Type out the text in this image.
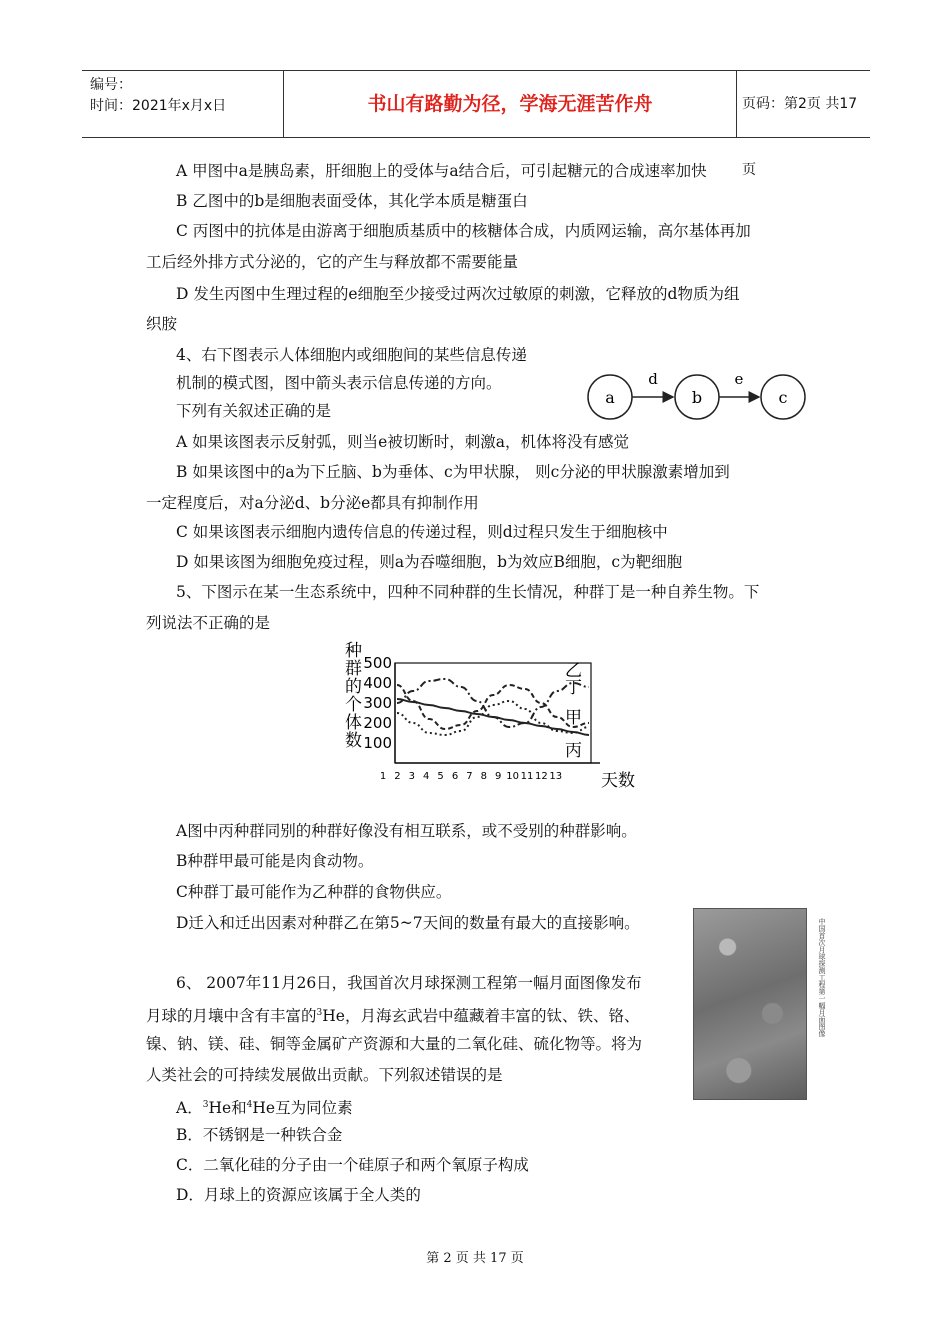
编号：
时间：2021年x月x日	书山有路勤为径，学海无涯苦作舟	页码：第2页 共17页
A 甲图中a是胰岛素，肝细胞上的受体与a结合后，可引起糖元的合成速率加快
B 乙图中的b是细胞表面受体，其化学本质是糖蛋白
C 丙图中的抗体是由游离于细胞质基质中的核糖体合成，内质网运输，高尔基体再加
工后经外排方式分泌的，它的产生与释放都不需要能量
D 发生丙图中生理过程的e细胞至少接受过两次过敏原的刺激，它释放的d物质为组
织胺
4、右下图表示人体细胞内或细胞间的某些信息传递
机制的模式图，图中箭头表示信息传递的方向。
下列有关叙述正确的是
a	b	c
d	e
A 如果该图表示反射弧，则当e被切断时，刺激a，机体将没有感觉
B 如果该图中的a为下丘脑、b为垂体、c为甲状腺， 则c分泌的甲状腺激素增加到
一定程度后，对a分泌d、b分泌e都具有抑制作用
C 如果该图表示细胞内遗传信息的传递过程，则d过程只发生于细胞核中
D 如果该图为细胞免疫过程，则a为吞噬细胞，b为效应B细胞，c为靶细胞
5、下图示在某一生态系统中，四种不同种群的生长情况，种群丁是一种自养生物。下
列说法不正确的是
种
群
的
个
体
数
500
400
300
200
100
1 2 3 4 5 6 7 8 9 10 11 12 13
乙
丁
甲
丙
天数
A图中丙种群同别的种群好像没有相互联系，或不受别的种群影响。
B种群甲最可能是肉食动物。
C种群丁最可能作为乙种群的食物供应。
D迁入和迁出因素对种群乙在第5~7天间的数量有最大的直接影响。	中国首次月球探测工程第一幅月面图像
6、 2007年11月26日，我国首次月球探测工程第一幅月面图像发布
月球的月壤中含有丰富的$^3$He，月海玄武岩中蕴藏着丰富的钛、铁、铬、
镍、钠、镁、硅、铜等金属矿产资源和大量的二氧化硅、硫化物等。将为
人类社会的可持续发展做出贡献。下列叙述错误的是
A．$^3$He和$^4$He互为同位素
B．不锈钢是一种铁合金
C．二氧化硅的分子由一个硅原子和两个氧原子构成
D．月球上的资源应该属于全人类的
第 2 页 共 17 页
